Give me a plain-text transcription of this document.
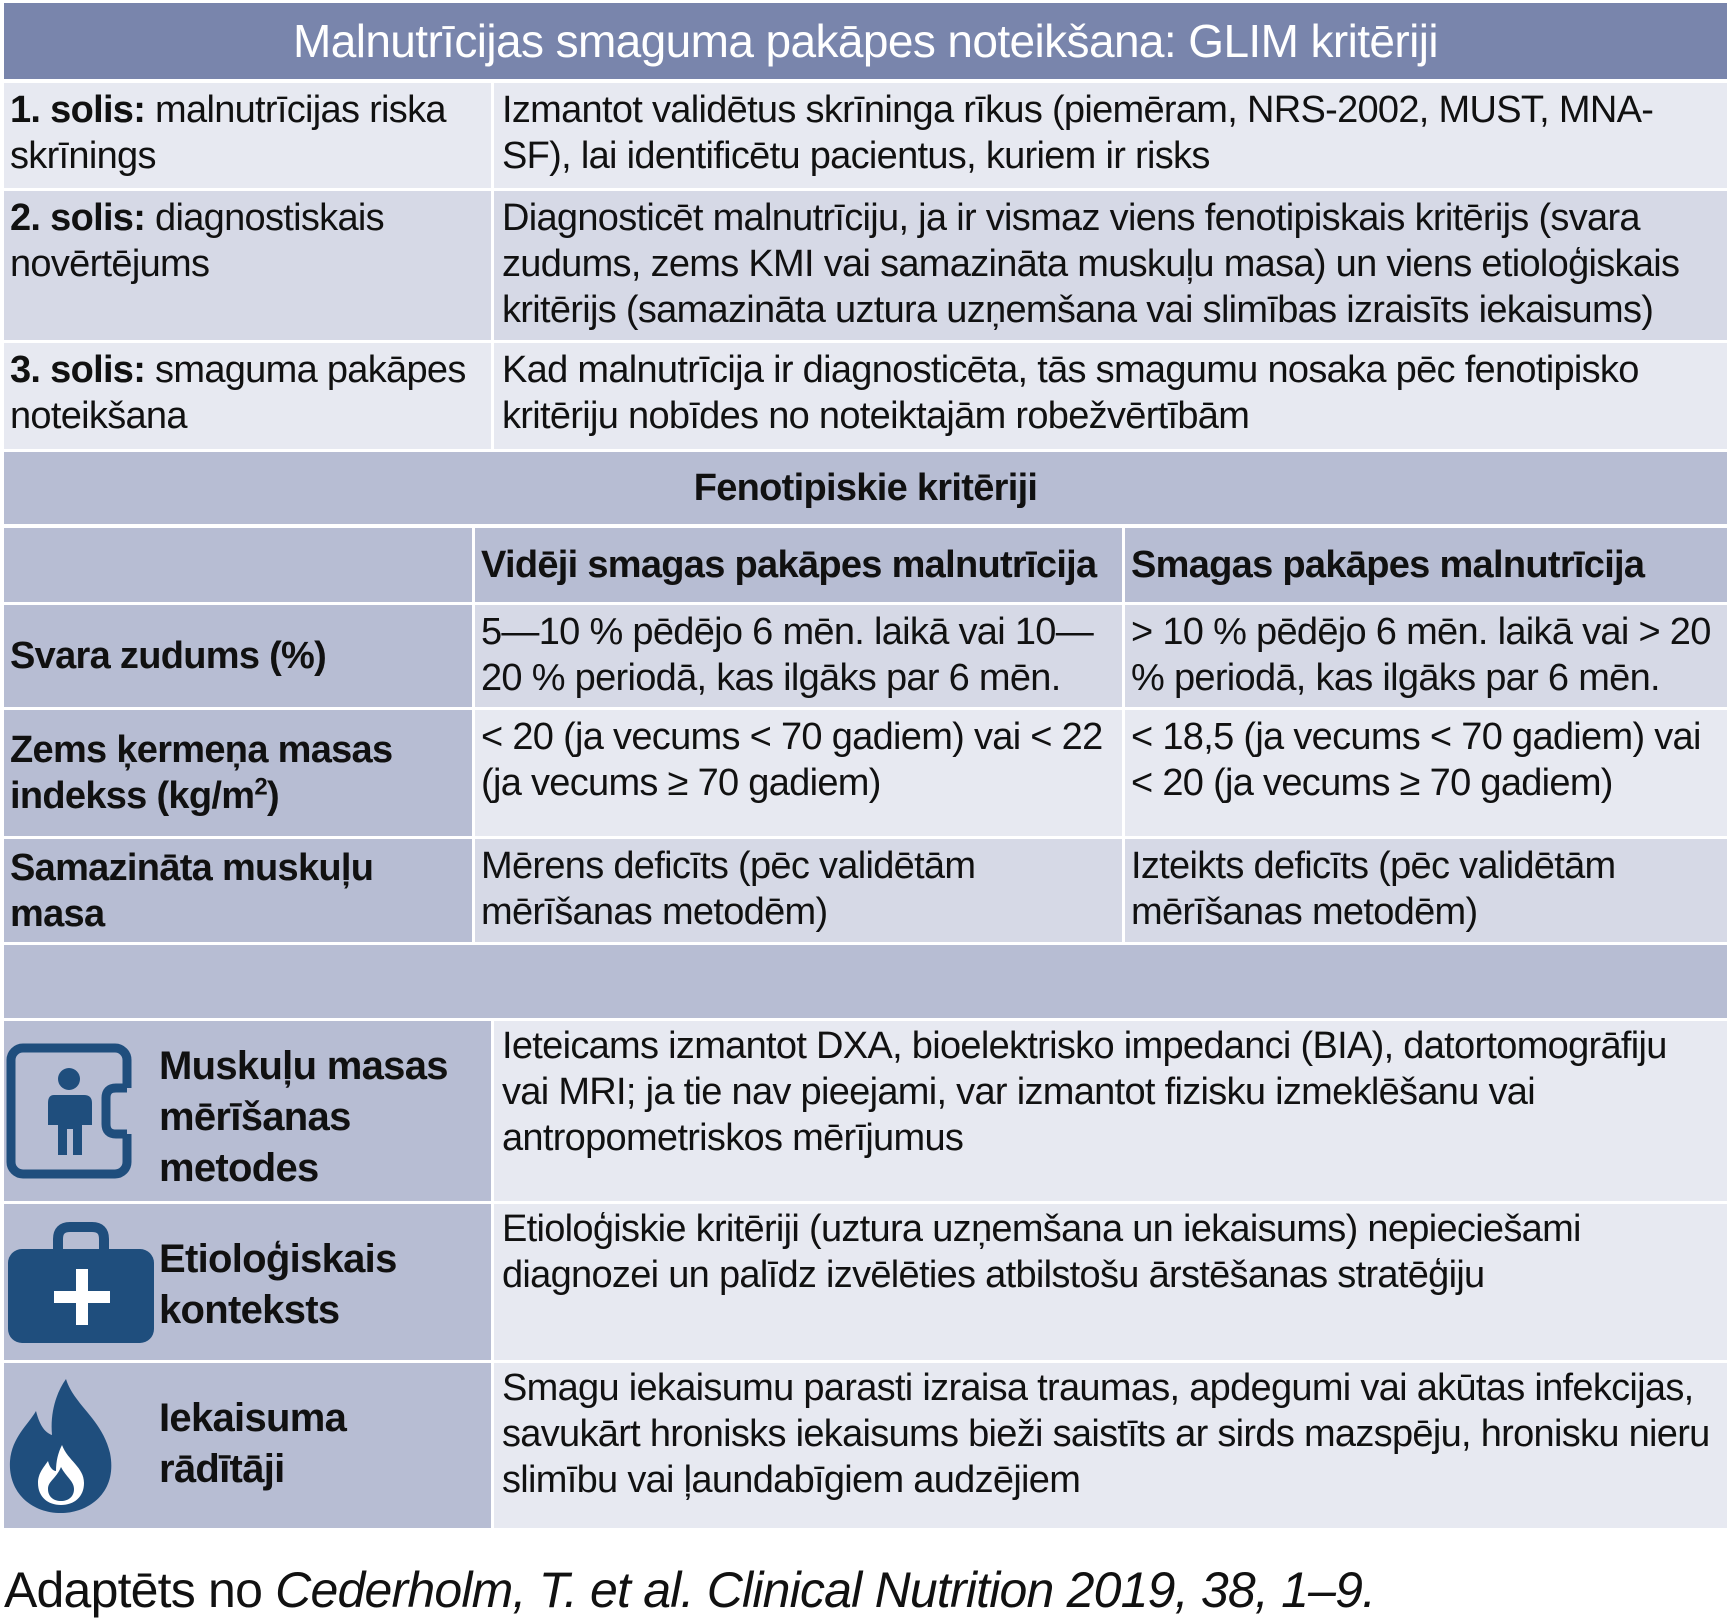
Malnutrīcijas smaguma pakāpes noteikšana: GLIM kritēriji
1. solis: malnutrīcijas riska skrīnings
Izmantot validētus skrīninga rīkus (piemēram, NRS-2002, MUST, MNA-SF), lai identificētu pacientus, kuriem ir risks
2. solis: diagnostiskais novērtējums
Diagnosticēt malnutrīciju, ja ir vismaz viens fenotipiskais kritērijs (svara zudums, zems KMI vai samazināta muskuļu masa) un viens etioloģiskais kritērijs (samazināta uztura uzņemšana vai slimības izraisīts iekaisums)
3. solis: smaguma pakāpes noteikšana
Kad malnutrīcija ir diagnosticēta, tās smagumu nosaka pēc fenotipisko kritēriju nobīdes no noteiktajām robežvērtībām
Fenotipiskie kritēriji
Vidēji smagas pakāpes malnutrīcija Smagas pakāpes malnutrīcija
Svara zudums (%)
5—10 % pēdējo 6 mēn. laikā vai 10—20 % periodā, kas ilgāks par 6 mēn.
> 10 % pēdējo 6 mēn. laikā vai > 20 % periodā, kas ilgāks par 6 mēn.
Zems ķermeņa masas indekss $(kg/m^2)$
< 20 (ja vecums < 70 gadiem) vai < 22 (ja vecums ≥ 70 gadiem)
< 18,5 (ja vecums < 70 gadiem) vai < 20 (ja vecums ≥ 70 gadiem)
Samazināta muskuļu masa
Mērens deficīts (pēc validētām mērīšanas metodēm)
Izteikts deficīts (pēc validētām mērīšanas metodēm)
Muskuļu masas mērīšanas metodes
Ieteicams izmantot DXA, bioelektrisko impedanci (BIA), datortomogrāfiju vai MRI; ja tie nav pieejami, var izmantot fizisku izmeklēšanu vai antropometriskos mērījumus
Etioloģiskais konteksts
Etioloģiskie kritēriji (uztura uzņemšana un iekaisums) nepieciešami diagnozei un palīdz izvēlēties atbilstošu ārstēšanas stratēģiju
Iekaisuma rādītāji
Smagu iekaisumu parasti izraisa traumas, apdegumi vai akūtas infekcijas, savukārt hronisks iekaisums bieži saistīts ar sirds mazspēju, hronisku nieru slimību vai ļaundabīgiem audzējiem
Adaptēts no Cederholm, T. et al. Clinical Nutrition 2019, 38, 1–9.
